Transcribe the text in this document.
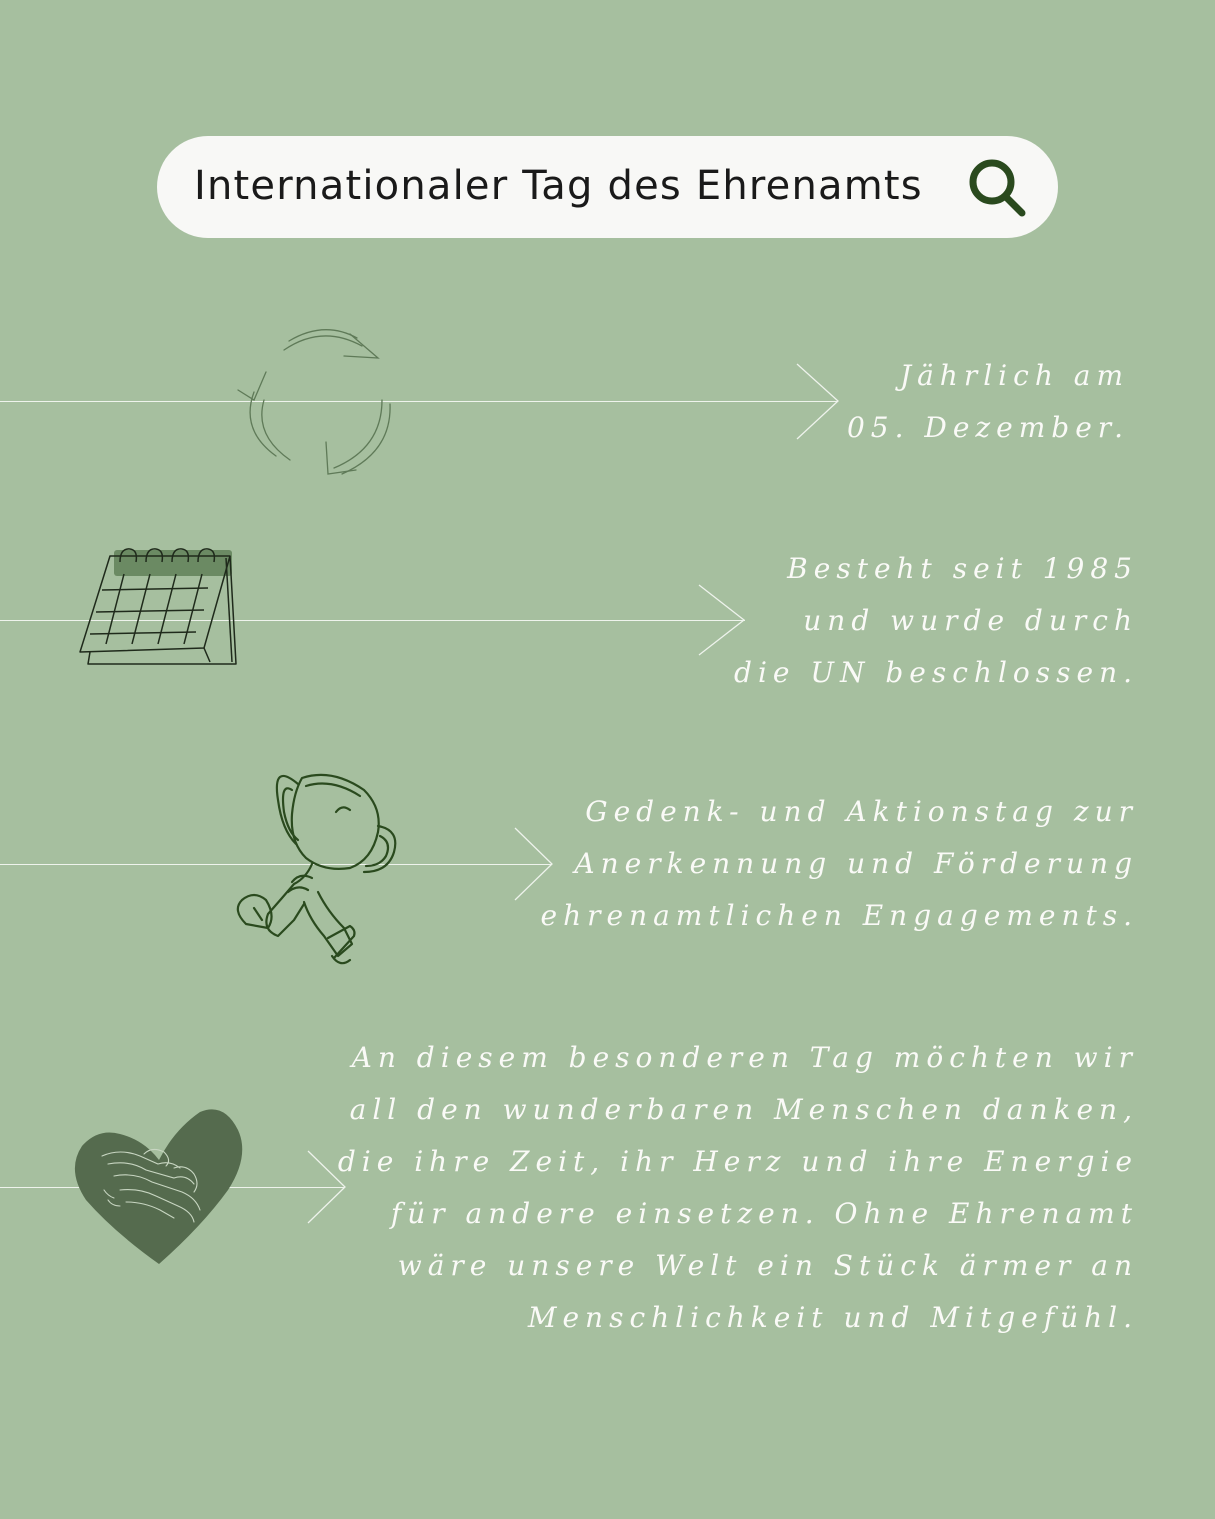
Internationaler Tag des Ehrenamts
Jährlich am
05. Dezember.
Besteht seit 1985
und wurde durch
die UN beschlossen.
Gedenk- und Aktionstag zur
Anerkennung und Förderung
ehrenamtlichen Engagements.
An diesem besonderen Tag möchten wir
all den wunderbaren Menschen danken,
die ihre Zeit, ihr Herz und ihre Energie
für andere einsetzen. Ohne Ehrenamt
wäre unsere Welt ein Stück ärmer an
Menschlichkeit und Mitgefühl.
